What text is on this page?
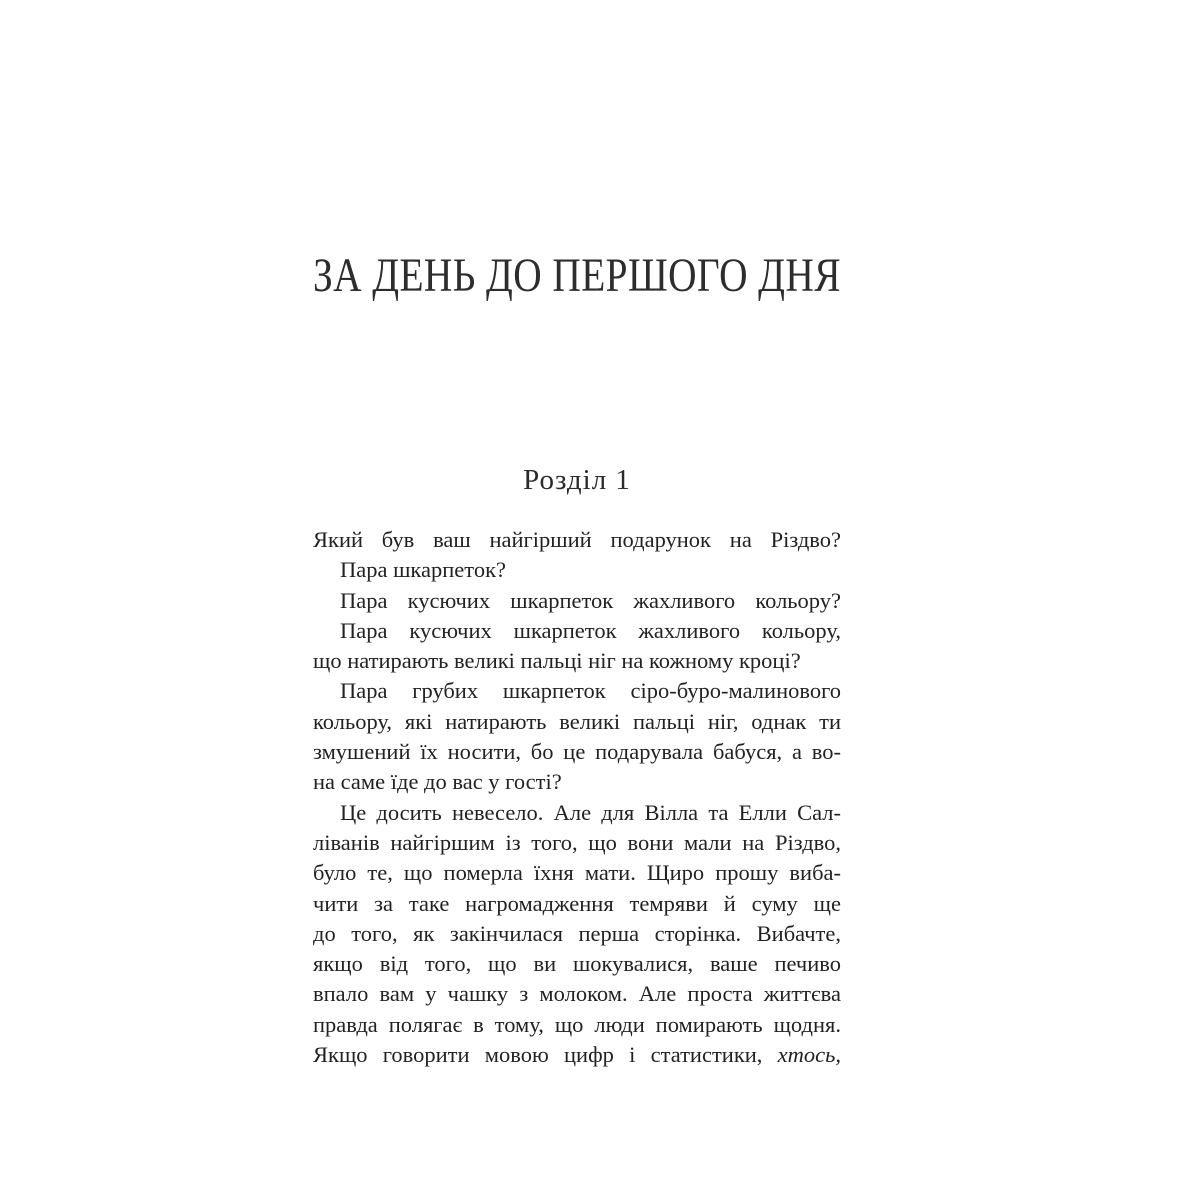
ЗА ДЕНЬ ДО ПЕРШОГО ДНЯ
Розділ 1
Який був ваш найгірший подарунок на Різдво?
Пара шкарпеток?
Пара кусючих шкарпеток жахливого кольору?
Пара кусючих шкарпеток жахливого кольору,
що натирають великі пальці ніг на кожному кроці?
Пара грубих шкарпеток сіро-буро-малинового
кольору, які натирають великі пальці ніг, однак ти
змушений їх носити, бо це подарувала бабуся, а во-
на саме їде до вас у гості?
Це досить невесело. Але для Вілла та Елли Сал-
ліванів найгіршим із того, що вони мали на Різдво,
було те, що померла їхня мати. Щиро прошу виба-
чити за таке нагромадження темряви й суму ще
до того, як закінчилася перша сторінка. Вибачте,
якщо від того, що ви шокувалися, ваше печиво
впало вам у чашку з молоком. Але проста життєва
правда полягає в тому, що люди помирають щодня.
Якщо говорити мовою цифр і статистики, хтось,
